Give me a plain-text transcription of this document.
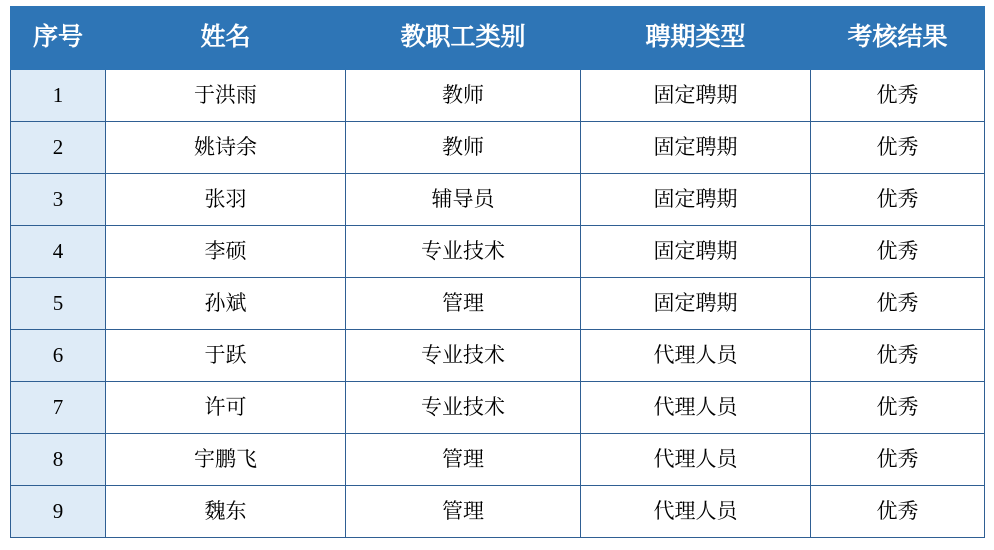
序号	姓名	教职工类别	聘期类型	考核结果
1	于洪雨	教师	固定聘期	优秀
2	姚诗余	教师	固定聘期	优秀
3	张羽	辅导员	固定聘期	优秀
4	李硕	专业技术	固定聘期	优秀
5	孙斌	管理	固定聘期	优秀
6	于跃	专业技术	代理人员	优秀
7	许可	专业技术	代理人员	优秀
8	宇鹏飞	管理	代理人员	优秀
9	魏东	管理	代理人员	优秀
